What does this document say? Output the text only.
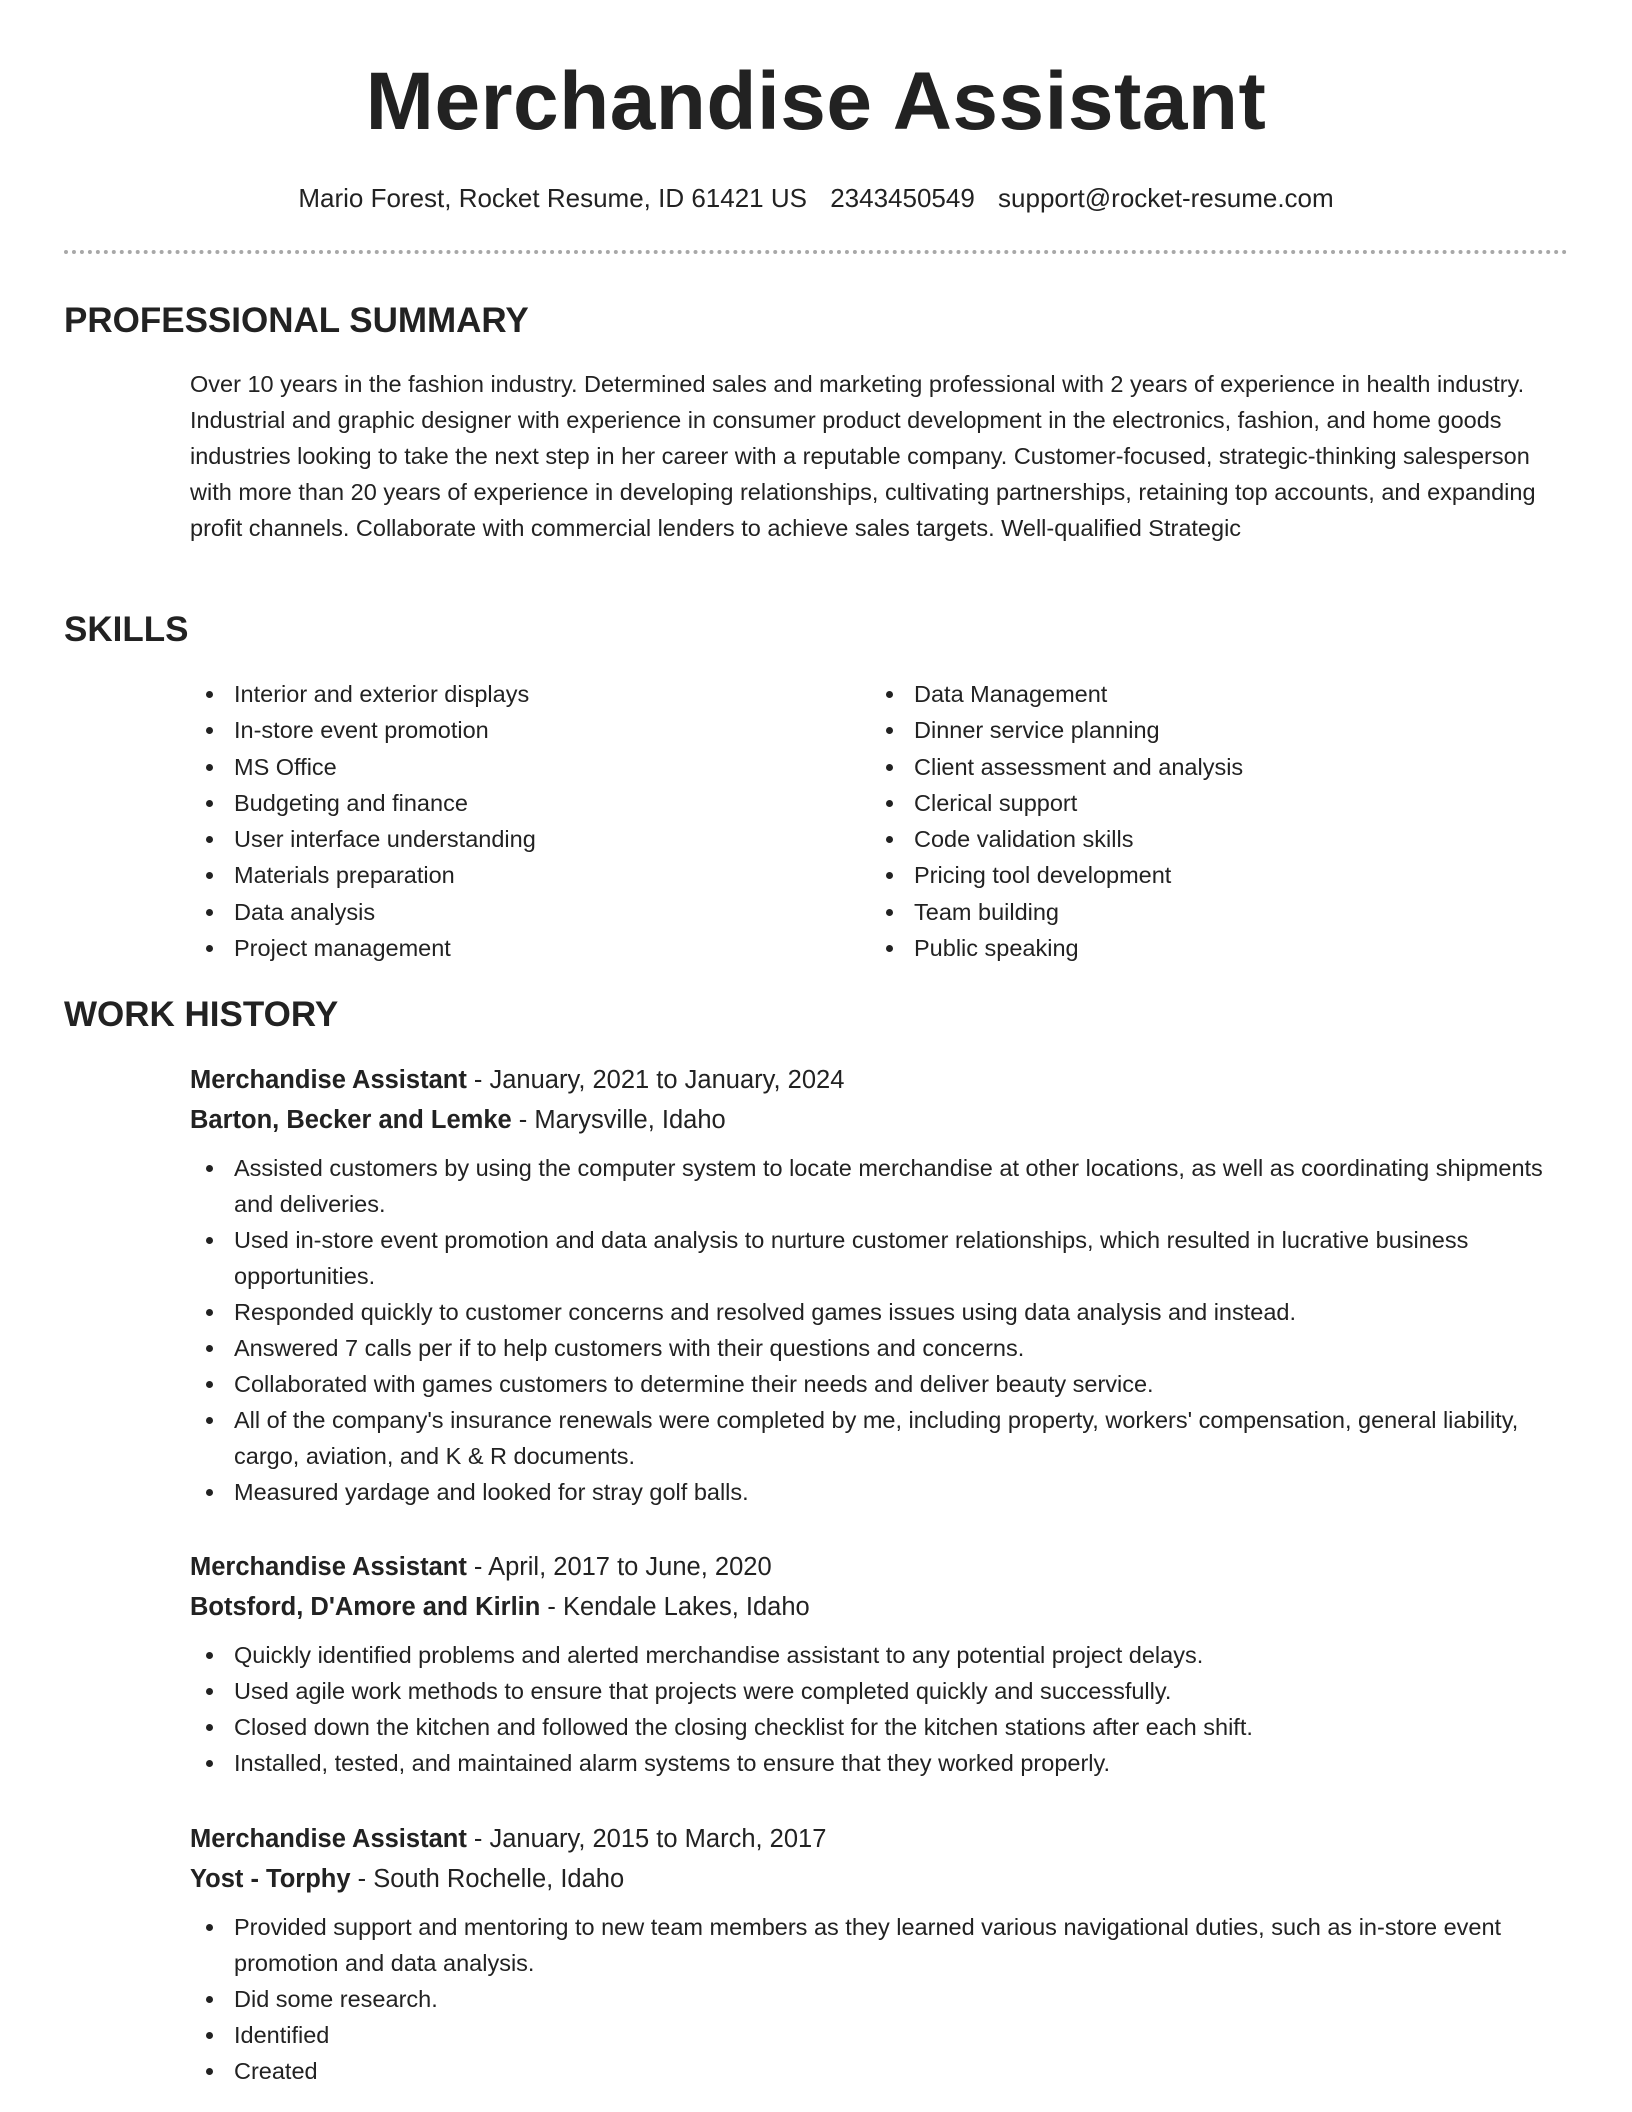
Merchandise Assistant
Mario Forest, Rocket Resume, ID 61421 US 2343450549 support@rocket-resume.com
PROFESSIONAL SUMMARY

Over 10 years in the fashion industry. Determined sales and marketing professional with 2 years of experience in health industry. Industrial and graphic designer with experience in consumer product development in the electronics, fashion, and home goods industries looking to take the next step in her career with a reputable company. Customer-focused, strategic-thinking salesperson with more than 20 years of experience in developing relationships, cultivating partnerships, retaining top accounts, and expanding profit channels. Collaborate with commercial lenders to achieve sales targets. Well-qualified Strategic

SKILLS
Interior and exterior displays
In-store event promotion
MS Office
Budgeting and finance
User interface understanding
Materials preparation
Data analysis
Project management
Data Management
Dinner service planning
Client assessment and analysis
Clerical support
Code validation skills
Pricing tool development
Team building
Public speaking
WORK HISTORY
Merchandise Assistant - January, 2021 to January, 2024
Barton, Becker and Lemke - Marysville, Idaho
Assisted customers by using the computer system to locate merchandise at other locations, as well as coordinating shipments and deliveries.
Used in-store event promotion and data analysis to nurture customer relationships, which resulted in lucrative business opportunities.
Responded quickly to customer concerns and resolved games issues using data analysis and instead.
Answered 7 calls per if to help customers with their questions and concerns.
Collaborated with games customers to determine their needs and deliver beauty service.
All of the company's insurance renewals were completed by me, including property, workers' compensation, general liability, cargo, aviation, and K & R documents.
Measured yardage and looked for stray golf balls.
Merchandise Assistant - April, 2017 to June, 2020
Botsford, D'Amore and Kirlin - Kendale Lakes, Idaho
Quickly identified problems and alerted merchandise assistant to any potential project delays.
Used agile work methods to ensure that projects were completed quickly and successfully.
Closed down the kitchen and followed the closing checklist for the kitchen stations after each shift.
Installed, tested, and maintained alarm systems to ensure that they worked properly.
Merchandise Assistant - January, 2015 to March, 2017
Yost - Torphy - South Rochelle, Idaho
Provided support and mentoring to new team members as they learned various navigational duties, such as in-store event promotion and data analysis.
Did some research.
Identified
Created
